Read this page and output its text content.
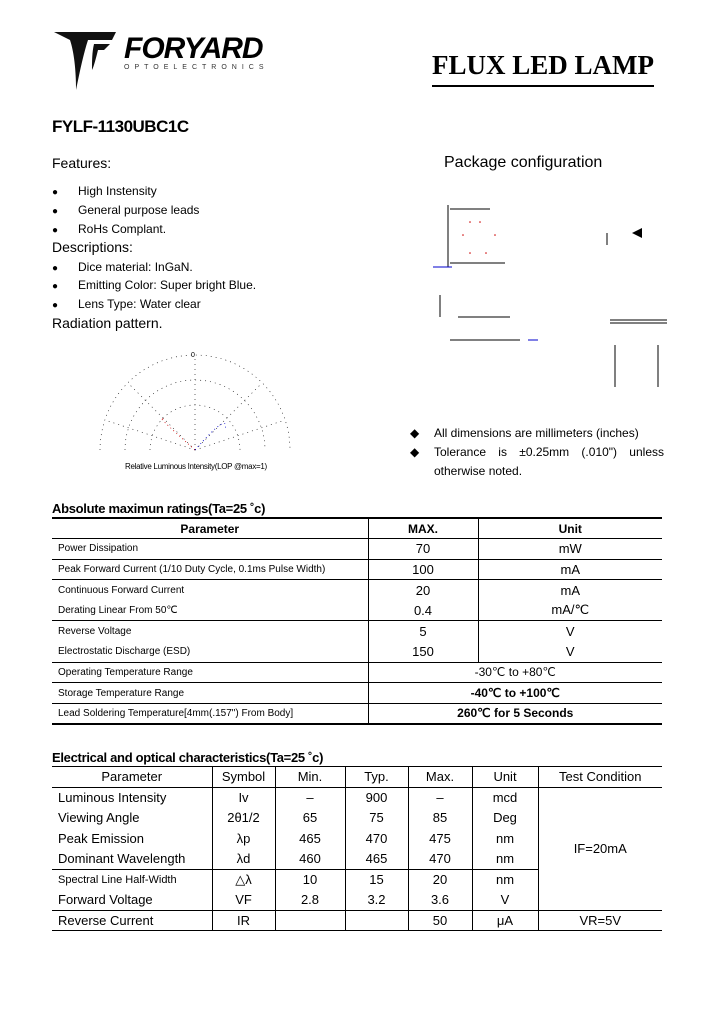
FORYARD
OPTOELECTRONICS	FLUX LED LAMP
FYLF-1130UBC1C
Features:
● High Instensity
● General purpose leads
● RoHs Complant.
Descriptions:
● Dice material: InGaN.
● Emitting Color: Super bright Blue.
● Lens Type: Water clear
Radiation pattern.
0
Relative Luminous Intensity(LOP @max=1)
Package configuration
◆	All dimensions are millimeters (inches)
◆	Tolerance is ±0.25mm (.010") unless otherwise noted.
Absolute maximun ratings(Ta=25 ˚c)
Parameter	MAX.	Unit
Power Dissipation	70	mW
Peak Forward Current (1/10 Duty Cycle, 0.1ms Pulse Width)	100	mA
Continuous Forward Current	20	mA
Derating Linear From 50℃	0.4	mA/℃
Reverse Voltage	5	V
Electrostatic Discharge (ESD)	150	V
Operating Temperature Range	-30℃ to +80℃	
Storage Temperature Range	-40℃ to +100℃	
Lead Soldering Temperature[4mm(.157") From Body]	260℃ for 5 Seconds	
Electrical and optical characteristics(Ta=25 ˚c)
Parameter	Symbol	Min.	Typ.	Max.	Unit	Test Condition
Luminous Intensity	Iv	–	900	–	mcd	IF=20mA
Viewing Angle	2θ1/2	65	75	85	Deg	
Peak Emission	λp	465	470	475	nm	
Dominant Wavelength	λd	460	465	470	nm	
Spectral Line Half-Width	△λ	10	15	20	nm	
Forward Voltage	VF	2.8	3.2	3.6	V	
Reverse Current	IR			50	μA	VR=5V
